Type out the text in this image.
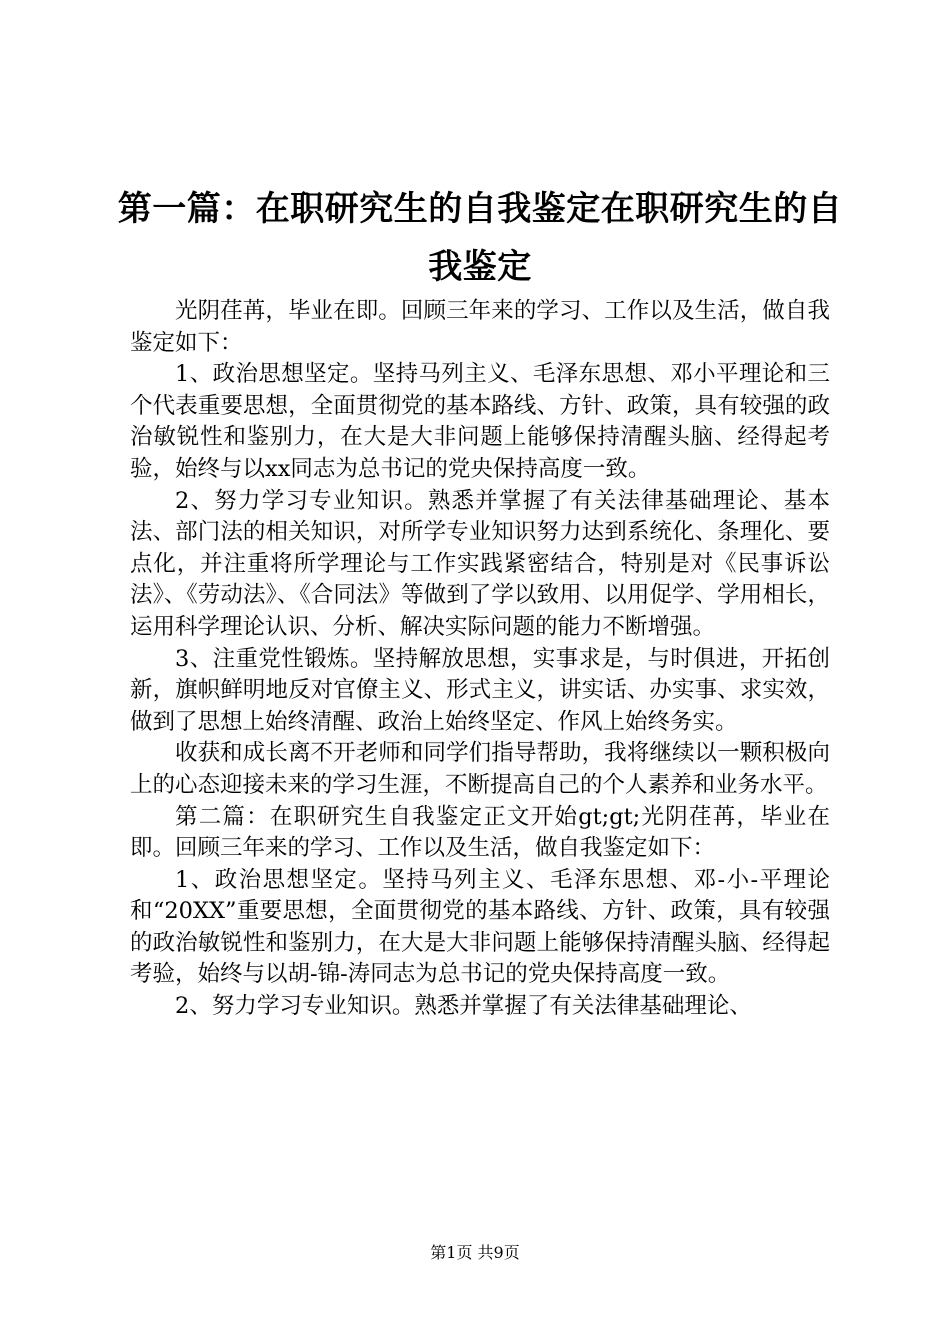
第一篇：在职研究生的自我鉴定在职研究生的自我鉴定

光阴荏苒，毕业在即。回顾三年来的学习、工作以及生活，做自我鉴定如下：

1、政治思想坚定。坚持马列主义、毛泽东思想、邓小平理论和三个代表重要思想，全面贯彻党的基本路线、方针、政策，具有较强的政治敏锐性和鉴别力，在大是大非问题上能够保持清醒头脑、经得起考验，始终与以xx同志为总书记的党央保持高度一致。

2、努力学习专业知识。熟悉并掌握了有关法律基础理论、基本法、部门法的相关知识，对所学专业知识努力达到系统化、条理化、要点化，并注重将所学理论与工作实践紧密结合，特别是对《民事诉讼法》、《劳动法》、《合同法》等做到了学以致用、以用促学、学用相长，运用科学理论认识、分析、解决实际问题的能力不断增强。

3、注重党性锻炼。坚持解放思想，实事求是，与时俱进，开拓创新，旗帜鲜明地反对官僚主义、形式主义，讲实话、办实事、求实效，做到了思想上始终清醒、政治上始终坚定、作风上始终务实。

收获和成长离不开老师和同学们指导帮助，我将继续以一颗积极向上的心态迎接未来的学习生涯，不断提高自己的个人素养和业务水平。

第二篇：在职研究生自我鉴定正文开始gt;gt;光阴荏苒，毕业在即。回顾三年来的学习、工作以及生活，做自我鉴定如下：

1、政治思想坚定。坚持马列主义、毛泽东思想、邓-小-平理论和“20XX”重要思想，全面贯彻党的基本路线、方针、政策，具有较强的政治敏锐性和鉴别力，在大是大非问题上能够保持清醒头脑、经得起考验，始终与以胡-锦-涛同志为总书记的党央保持高度一致。

2、努力学习专业知识。熟悉并掌握了有关法律基础理论、

第1页 共9页
